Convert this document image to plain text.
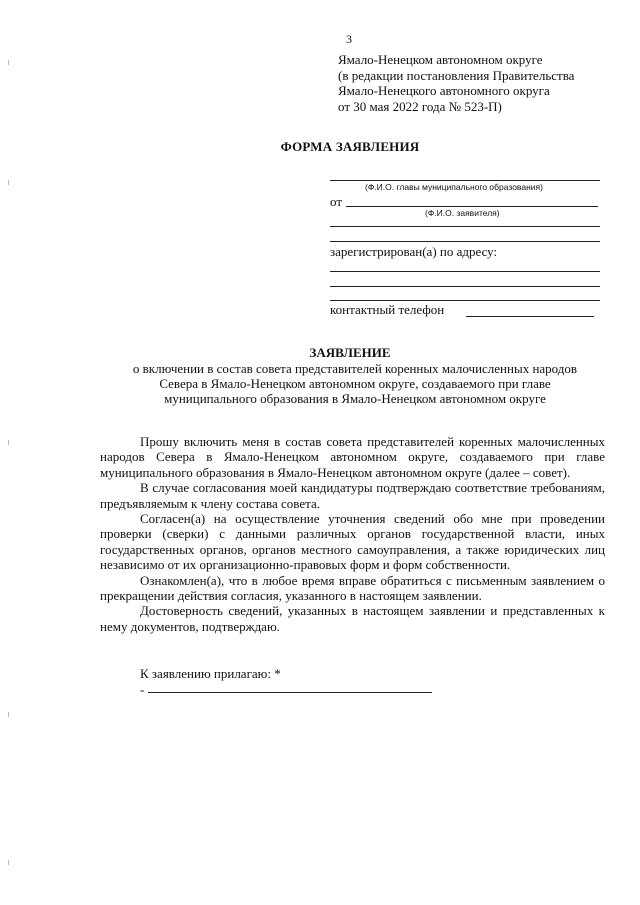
3
Ямало-Ненецком автономном округе
(в редакции постановления Правительства
Ямало-Ненецкого автономного округа
от 30 мая 2022 года № 523-П)
ФОРМА ЗАЯВЛЕНИЯ
(Ф.И.О. главы муниципального образования)
от
(Ф.И.О. заявителя)
зарегистрирован(а) по адресу:
контактный телефон
ЗАЯВЛЕНИЕ
о включении в состав совета представителей коренных малочисленных народов Севера в Ямало-Ненецком автономном округе, создаваемого при главе муниципального образования в Ямало-Ненецком автономном округе

Прошу включить меня в состав совета представителей коренных малочисленных народов Севера в Ямало-Ненецком автономном округе, создаваемого при главе муниципального образования в Ямало-Ненецком автономном округе (далее – совет).

В случае согласования моей кандидатуры подтверждаю соответствие требованиям, предъявляемым к члену состава совета.

Согласен(а) на осуществление уточнения сведений обо мне при проведении проверки (сверки) с данными различных органов государственной власти, иных государственных органов, органов местного самоуправления, а также юридических лиц независимо от их организационно-правовых форм и форм собственности.

Ознакомлен(а), что в любое время вправе обратиться с письменным заявлением о прекращении действия согласия, указанного в настоящем заявлении.

Достоверность сведений, указанных в настоящем заявлении и представленных к нему документов, подтверждаю.

К заявлению прилагаю: *
-
